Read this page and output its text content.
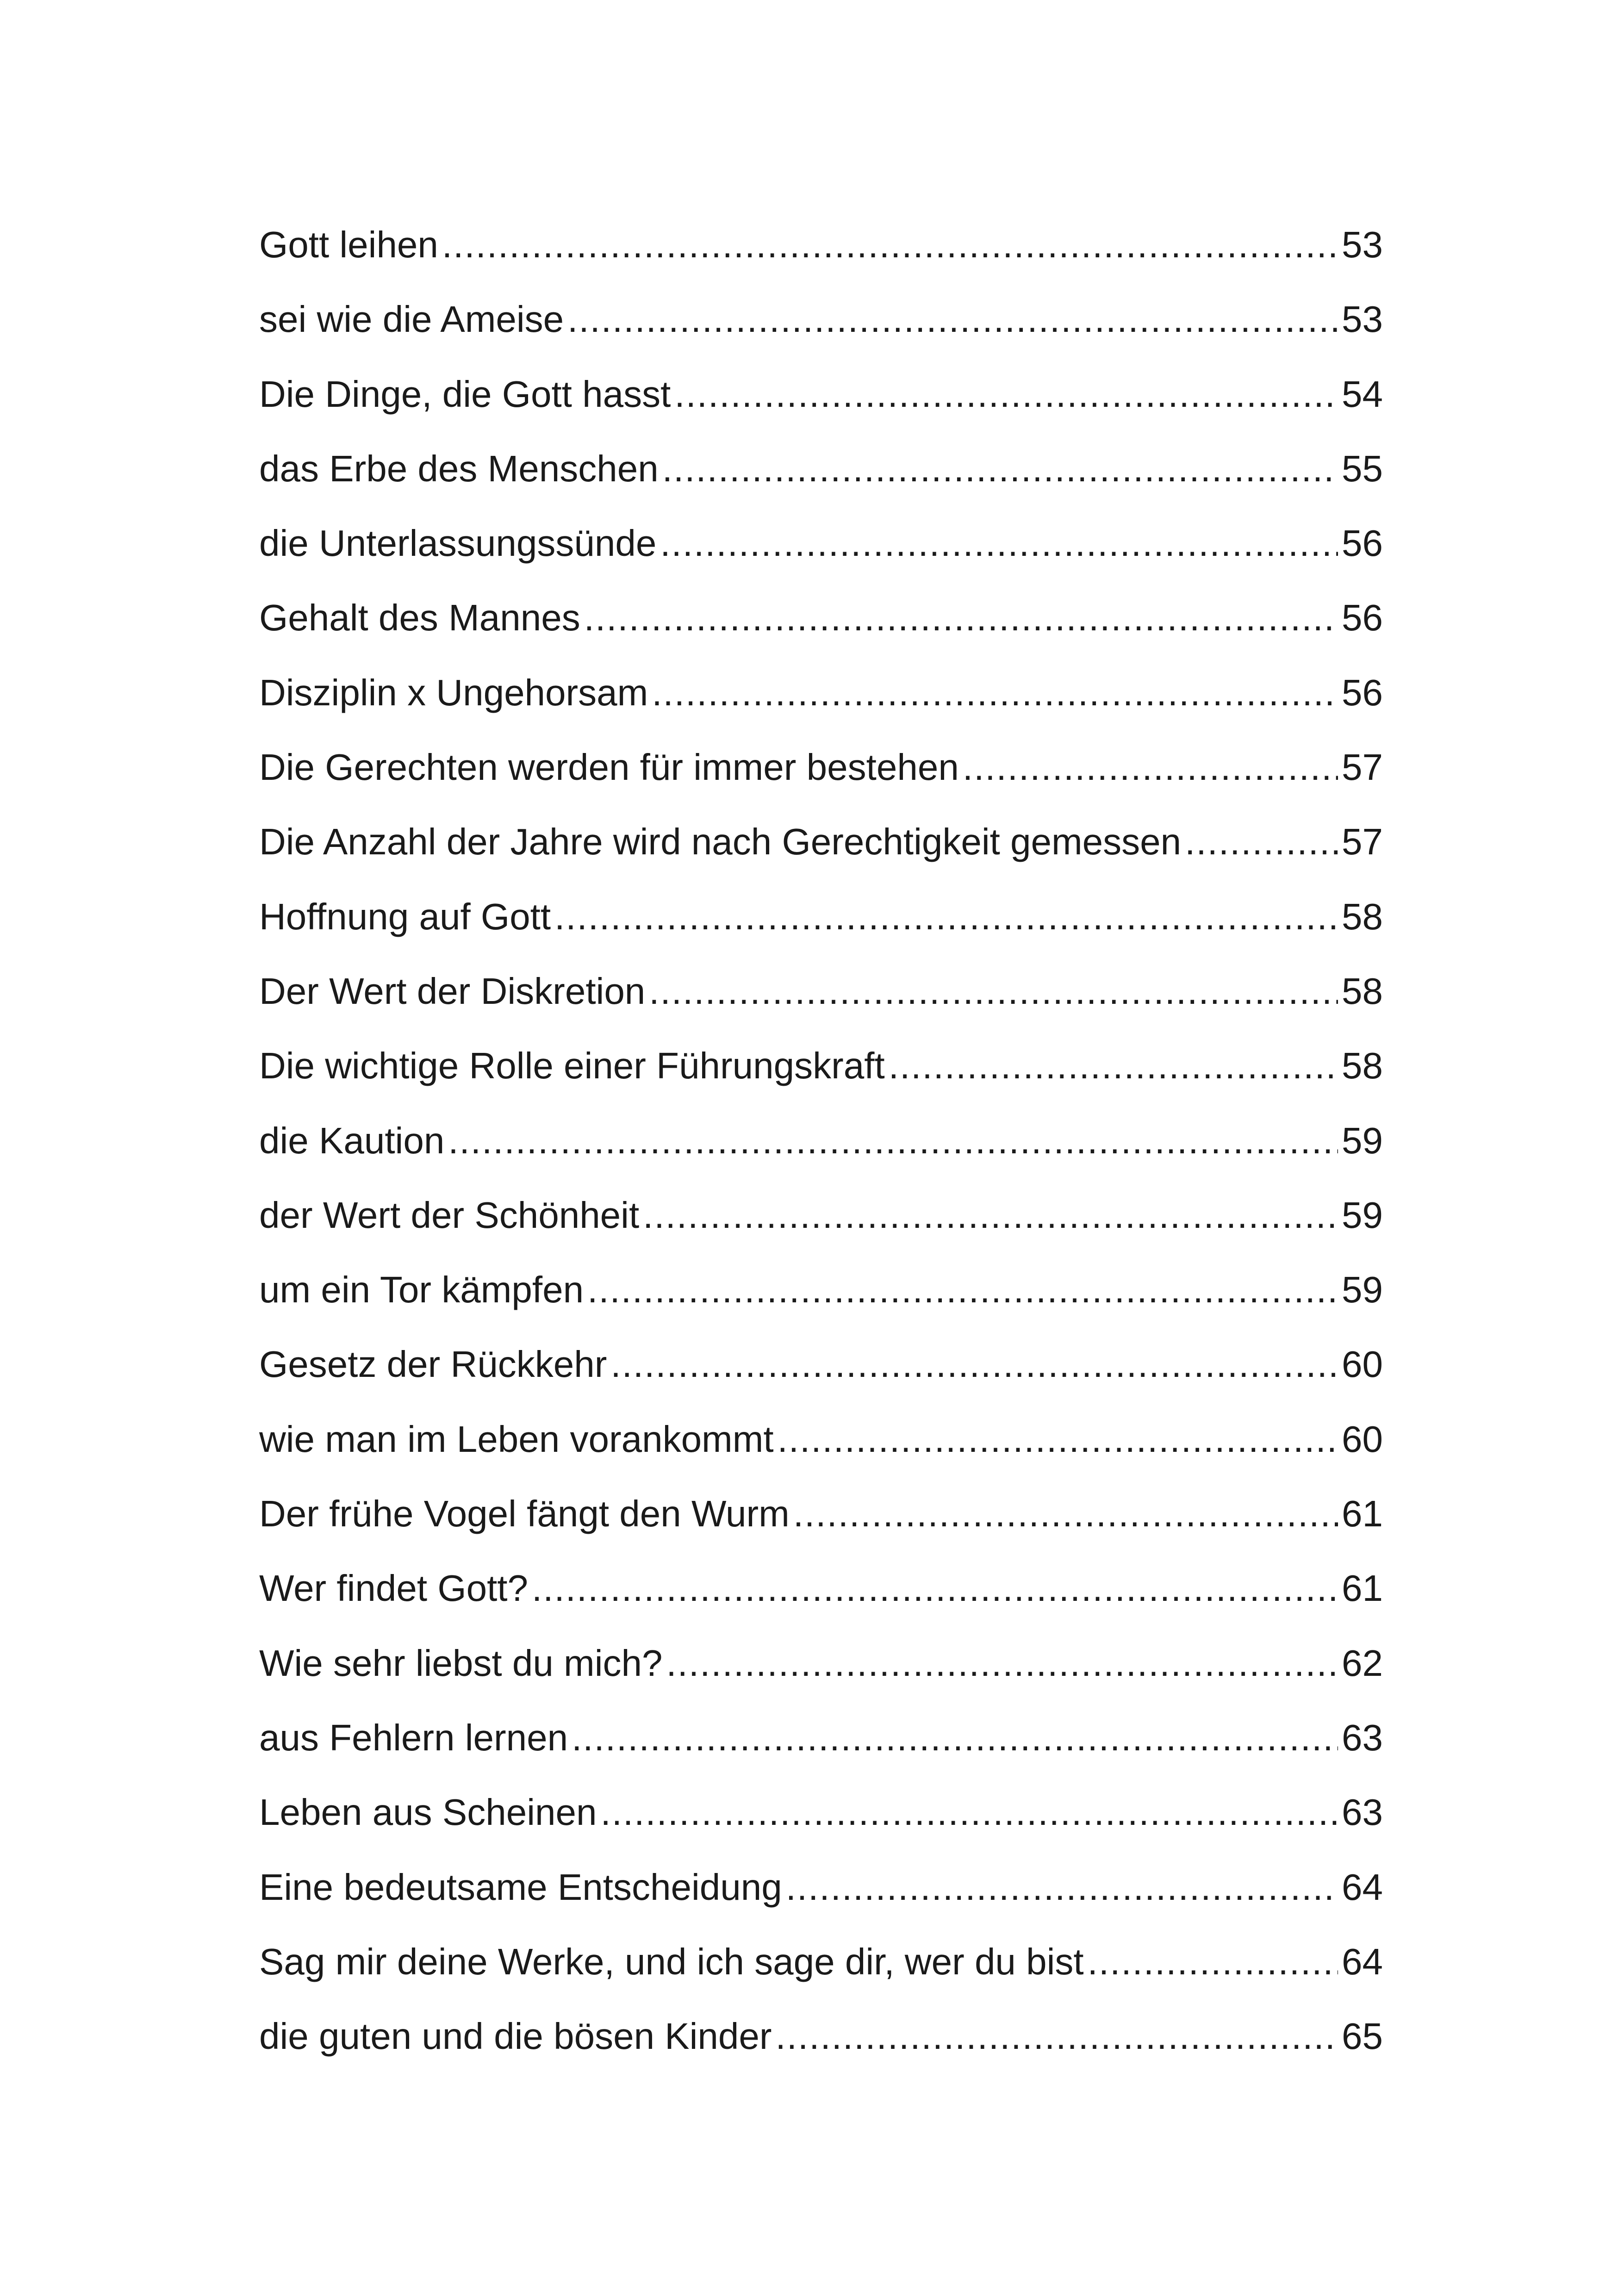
Gott leihen .....	53
sei wie die Ameise .....	53
Die Dinge, die Gott hasst .....	54
das Erbe des Menschen .....	55
die Unterlassungssünde .....	56
Gehalt des Mannes .....	56
Disziplin x Ungehorsam .....	56
Die Gerechten werden für immer bestehen .....	57
Die Anzahl der Jahre wird nach Gerechtigkeit gemessen .....	57
Hoffnung auf Gott .....	58
Der Wert der Diskretion .....	58
Die wichtige Rolle einer Führungskraft .....	58
die Kaution .....	59
der Wert der Schönheit .....	59
um ein Tor kämpfen .....	59
Gesetz der Rückkehr .....	60
wie man im Leben vorankommt .....	60
Der frühe Vogel fängt den Wurm .....	61
Wer findet Gott? .....	61
Wie sehr liebst du mich? .....	62
aus Fehlern lernen .....	63
Leben aus Scheinen .....	63
Eine bedeutsame Entscheidung .....	64
Sag mir deine Werke, und ich sage dir, wer du bist .....	64
die guten und die bösen Kinder .....	65
